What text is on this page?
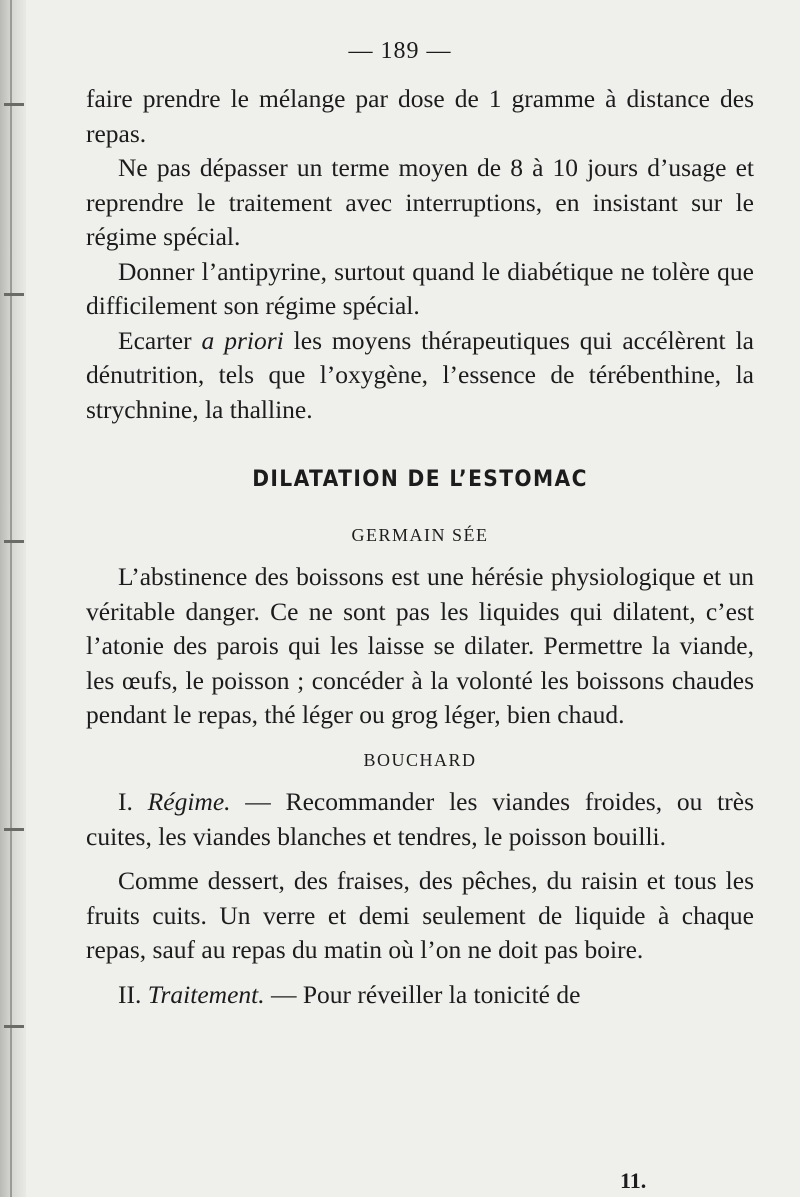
— 189 —

faire prendre le mélange par dose de 1 gramme à distance des repas.

Ne pas dépasser un terme moyen de 8 à 10 jours d’usage et reprendre le traitement avec interruptions, en insistant sur le régime spécial.

Donner l’antipyrine, surtout quand le diabétique ne tolère que difficilement son régime spécial.

Ecarter a priori les moyens thérapeutiques qui accélèrent la dénutrition, tels que l’oxygène, l’essence de térébenthine, la strychnine, la thalline.

DILATATION DE L’ESTOMAC
GERMAIN SÉE

L’abstinence des boissons est une hérésie physiologique et un véritable danger. Ce ne sont pas les liquides qui dilatent, c’est l’atonie des parois qui les laisse se dilater. Permettre la viande, les œufs, le poisson ; concéder à la volonté les boissons chaudes pendant le repas, thé léger ou grog léger, bien chaud.

BOUCHARD

I. Régime. — Recommander les viandes froides, ou très cuites, les viandes blanches et tendres, le poisson bouilli.

Comme dessert, des fraises, des pêches, du raisin et tous les fruits cuits. Un verre et demi seulement de liquide à chaque repas, sauf au repas du matin où l’on ne doit pas boire.

II. Traitement. — Pour réveiller la tonicité de

11.
